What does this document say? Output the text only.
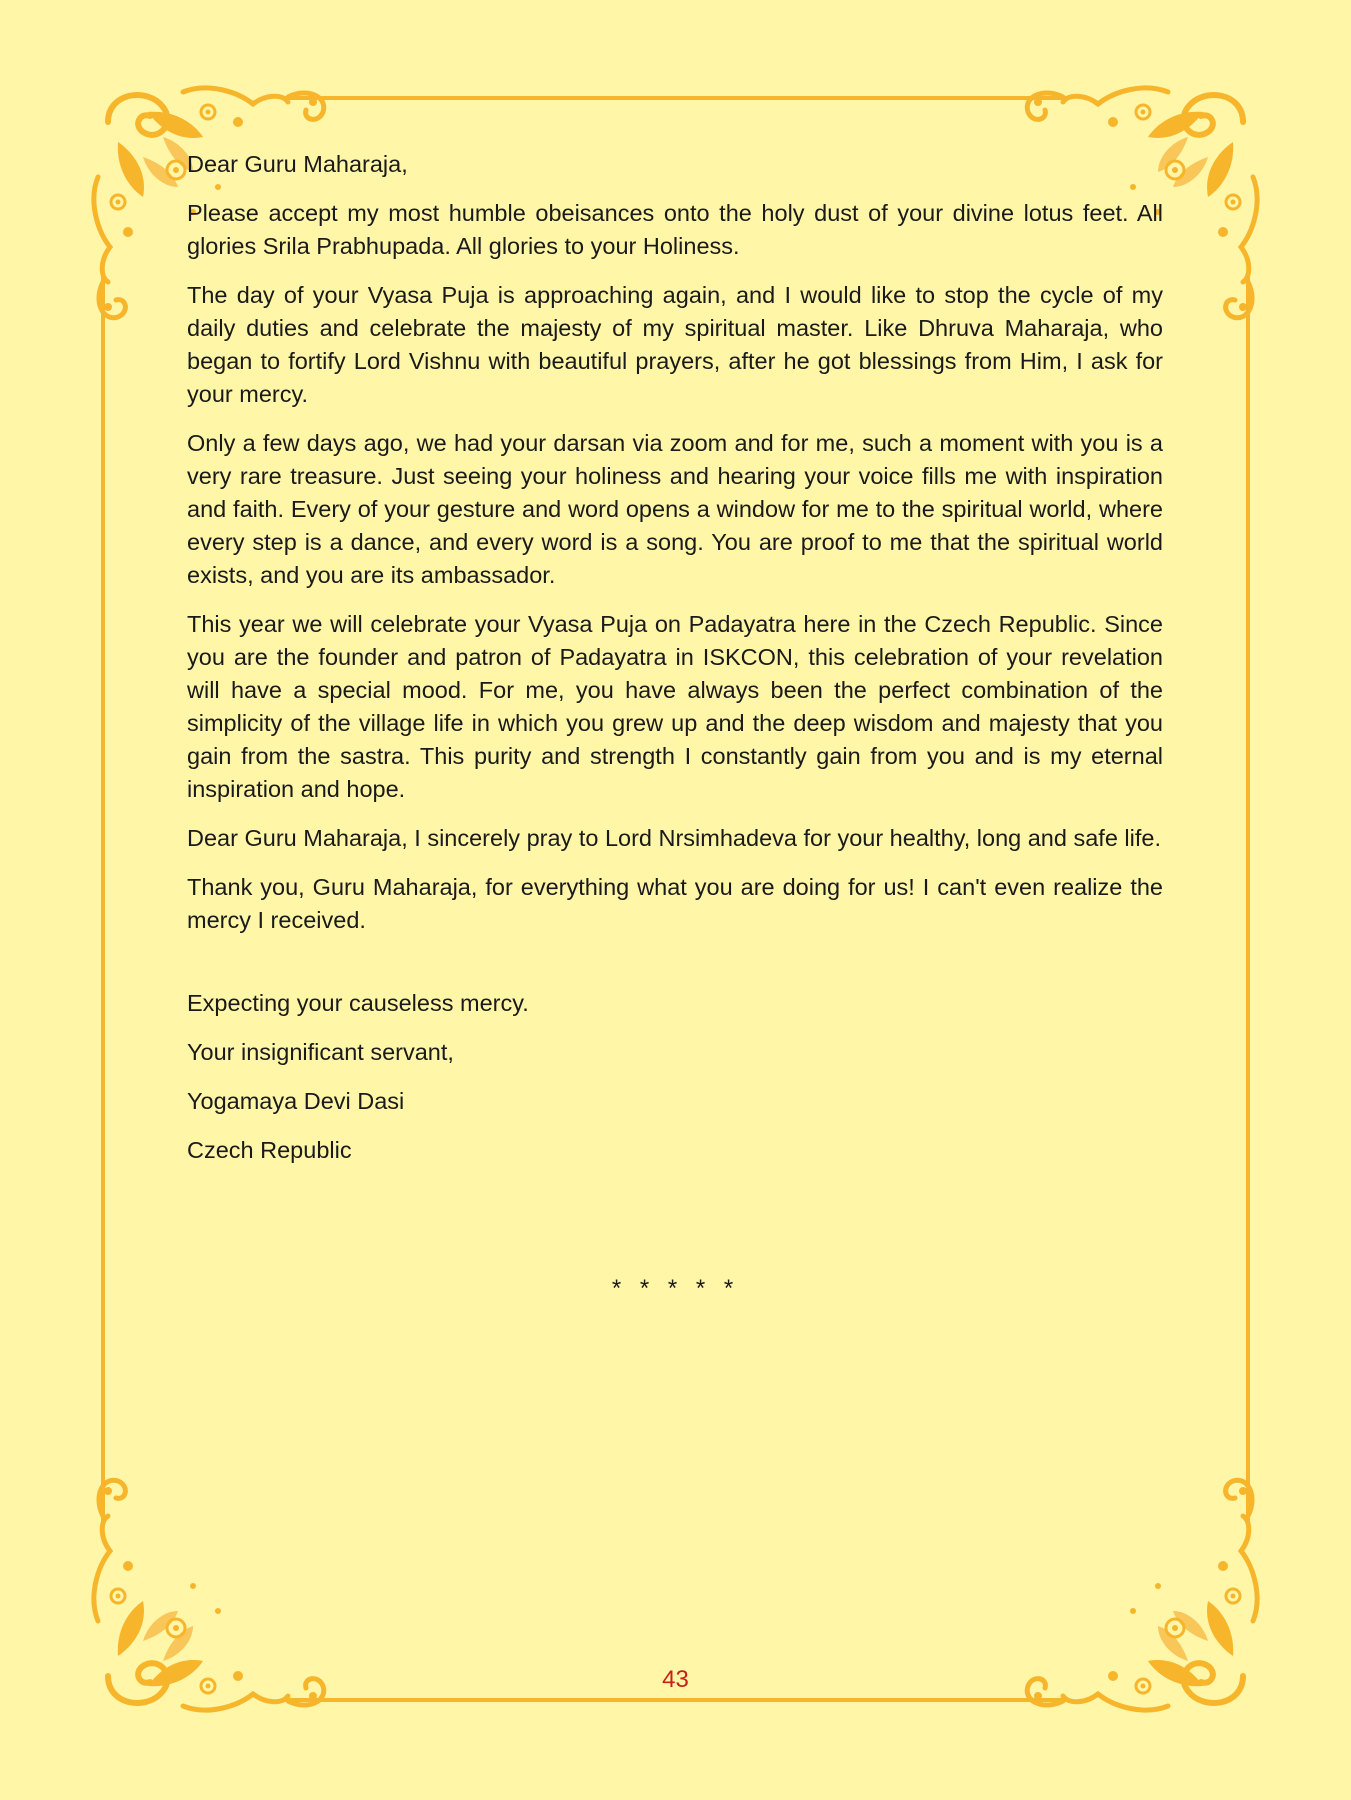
Dear Guru Maharaja,

Please accept my most humble obeisances onto the holy dust of your divine lotus feet. All glories Srila Prabhupada. All glories to your Holiness.

The day of your Vyasa Puja is approaching again, and I would like to stop the cycle of my daily duties and celebrate the majesty of my spiritual master. Like Dhruva Maharaja, who began to fortify Lord Vishnu with beautiful prayers, after he got blessings from Him, I ask for your mercy.

Only a few days ago, we had your darsan via zoom and for me, such a moment with you is a very rare treasure. Just seeing your holiness and hearing your voice fills me with inspiration and faith. Every of your gesture and word opens a window for me to the spiritual world, where every step is a dance, and every word is a song. You are proof to me that the spiritual world exists, and you are its ambassador.

This year we will celebrate your Vyasa Puja on Padayatra here in the Czech Republic. Since you are the founder and patron of Padayatra in ISKCON, this celebration of your revelation will have a special mood. For me, you have always been the perfect combination of the simplicity of the village life in which you grew up and the deep wisdom and majesty that you gain from the sastra. This purity and strength I constantly gain from you and is my eternal inspiration and hope.

Dear Guru Maharaja, I sincerely pray to Lord Nrsimhadeva for your healthy, long and safe life.

Thank you, Guru Maharaja, for everything what you are doing for us! I can't even realize the mercy I received.

Expecting your causeless mercy.

Your insignificant servant,

Yogamaya Devi Dasi

Czech Republic

* * * * *
43
